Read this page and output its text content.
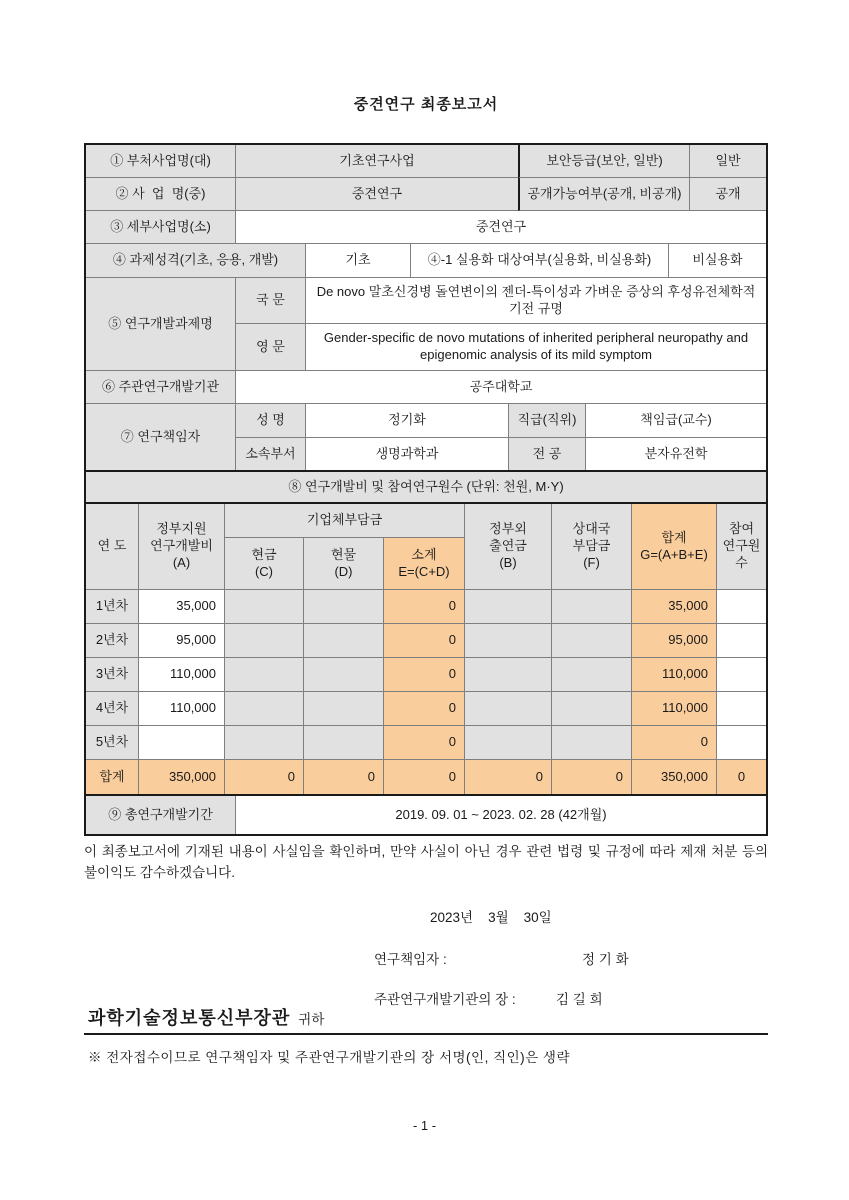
중견연구 최종보고서
① 부처사업명(대)	기초연구사업	보안등급(보안, 일반)	일반
② 사  업  명(중)	중견연구	공개가능여부(공개, 비공개)	공개
③ 세부사업명(소)	중견연구
④ 과제성격(기초, 응용, 개발)	기초	④-1 실용화 대상여부(실용화, 비실용화)	비실용화
⑤ 연구개발과제명
국 문
De novo 말초신경병 돌연변이의 젠더-특이성과 가벼운 증상의 후성유전체학적 기전 규명
영 문
Gender-specific de novo mutations of inherited peripheral neuropathy and epigenomic analysis of its mild symptom
⑥ 주관연구개발기관	공주대학교
⑦ 연구책임자
성 명	정기화	직급(직위)	책임급(교수)
소속부서	생명과학과	전 공	분자유전학
⑧ 연구개발비 및 참여연구원수 (단위: 천원, M·Y)
연 도
정부지원
연구개발비
(A)
기업체부담금
현금
(C)
현물
(D)
소계
E=(C+D)
정부외
출연금
(B)
상대국
부담금
(F)
합계
G=(A+B+E)
참여
연구원수
1년차	35,000	0	35,000
2년차	95,000	0	95,000
3년차	110,000	0	110,000
4년차	110,000	0	110,000
5년차	0	0
합계	350,000	0	0	0	0	0	350,000	0
⑨ 총연구개발기간	2019. 09. 01 ~ 2023. 02. 28 (42개월)
이 최종보고서에 기재된 내용이 사실임을 확인하며, 만약 사실이 아닌 경우 관련 법령 및 규정에 따라 제재 처분 등의 불이익도 감수하겠습니다.
2023년    3월    30일
연구책임자 :	정 기 화
주관연구개발기관의 장 :	김 길 희
과학기술정보통신부장관 귀하
※ 전자접수이므로 연구책임자 및 주관연구개발기관의 장 서명(인, 직인)은 생략
- 1 -
